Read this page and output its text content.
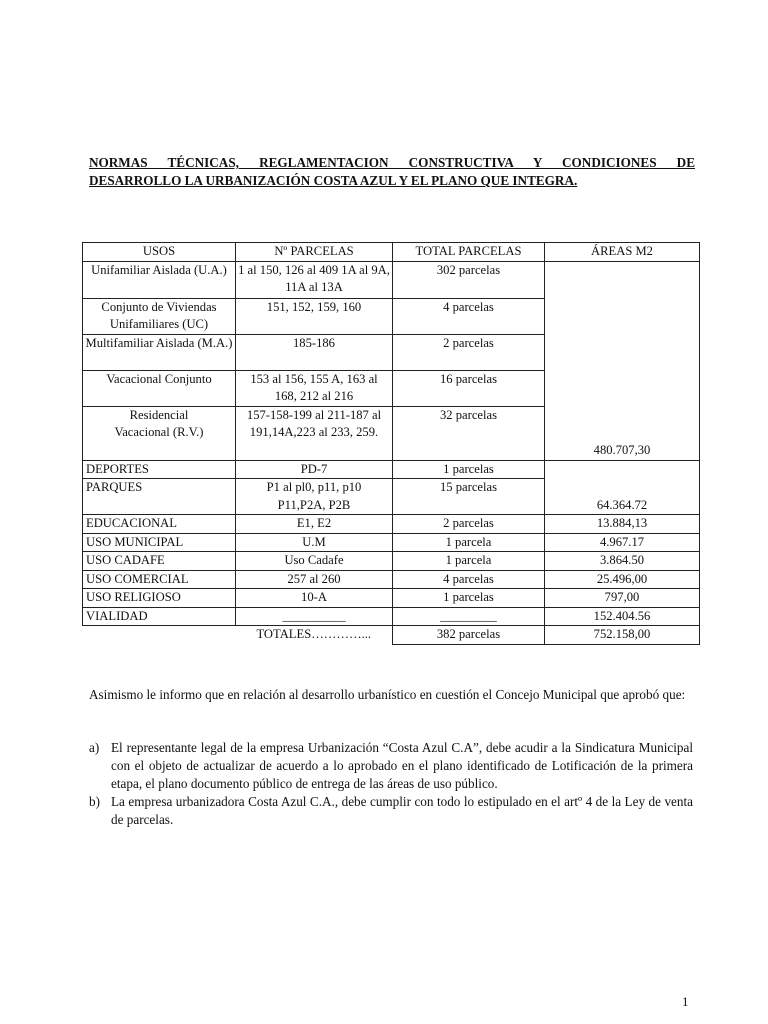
NORMAS TÉCNICAS, REGLAMENTACION CONSTRUCTIVA Y CONDICIONES DE
DESARROLLO LA URBANIZACIÓN COSTA AZUL Y EL PLANO QUE INTEGRA.
USOS	Nº PARCELAS	TOTAL PARCELAS	ÁREAS M2
Unifamiliar Aislada (U.A.)	1 al 150, 126 al 409 1A al 9A, 11A al 13A	302 parcelas	480.707,30
Conjunto de Viviendas Unifamiliares (UC)	151, 152, 159, 160	4 parcelas	
Multifamiliar Aislada (M.A.)	185-186	2 parcelas	
Vacacional Conjunto	153 al 156, 155 A, 163 al 168, 212 al 216	16 parcelas	
Residencial Vacacional (R.V.)	157-158-199 al 211-187 al 191,14A,223 al 233, 259.	32 parcelas	
DEPORTES	PD-7	1 parcelas	64.364.72
PARQUES	P1 al pl0, p11, p10 P11,P2A, P2B	15 parcelas	
EDUCACIONAL	E1, E2	2 parcelas	13.884,13
USO MUNICIPAL	U.M	1 parcela	4.967.17
USO CADAFE	Uso Cadafe	1 parcela	3.864.50
USO COMERCIAL	257 al 260	4 parcelas	25.496,00
USO RELIGIOSO	10-A	1 parcelas	797,00
VIALIDAD	__________	_________	152.404.56
	TOTALES…………...	382 parcelas	752.158,00
Asimismo le informo que en relación al desarrollo urbanístico en cuestión el Concejo Municipal que aprobó que:
a) El representante legal de la empresa Urbanización “Costa Azul C.A”, debe acudir a la Sindicatura Municipal con el objeto de actualizar de acuerdo a lo aprobado en el plano identificado de Lotificación de la primera etapa, el plano documento público de entrega de las áreas de uso público.
b) La empresa urbanizadora Costa Azul C.A., debe cumplir con todo lo estipulado en el artº 4 de la Ley de venta de parcelas.
1
